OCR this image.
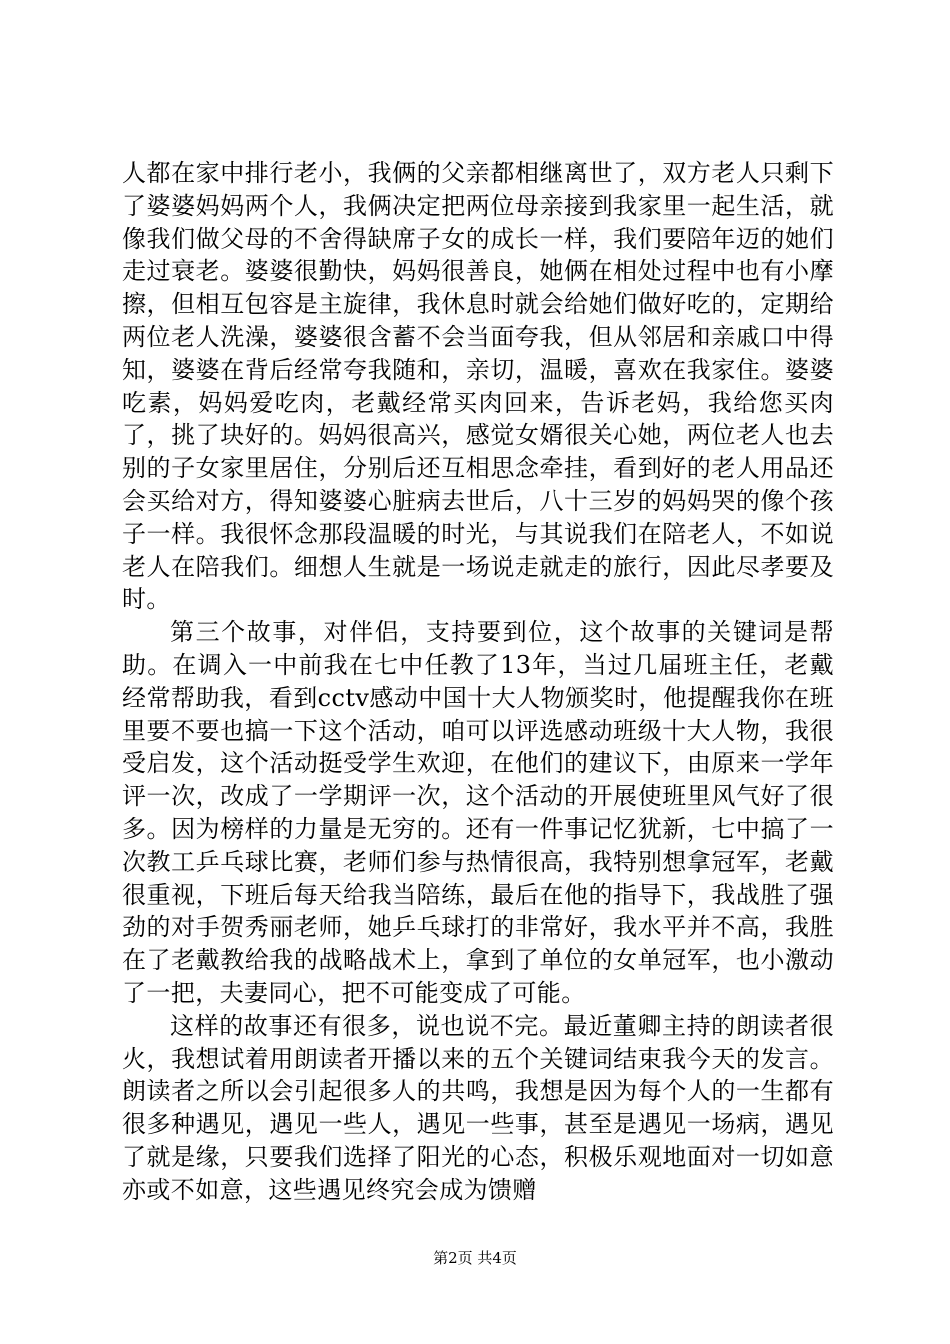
人都在家中排行老小，我俩的父亲都相继离世了，双方老人只剩下了婆婆妈妈两个人，我俩决定把两位母亲接到我家里一起生活，就像我们做父母的不舍得缺席子女的成长一样，我们要陪年迈的她们走过衰老。婆婆很勤快，妈妈很善良，她俩在相处过程中也有小摩擦，但相互包容是主旋律，我休息时就会给她们做好吃的，定期给两位老人洗澡，婆婆很含蓄不会当面夸我，但从邻居和亲戚口中得知，婆婆在背后经常夸我随和，亲切，温暖，喜欢在我家住。婆婆吃素，妈妈爱吃肉，老戴经常买肉回来，告诉老妈，我给您买肉了，挑了块好的。妈妈很高兴，感觉女婿很关心她，两位老人也去别的子女家里居住，分别后还互相思念牵挂，看到好的老人用品还会买给对方，得知婆婆心脏病去世后，八十三岁的妈妈哭的像个孩子一样。我很怀念那段温暖的时光，与其说我们在陪老人，不如说老人在陪我们。细想人生就是一场说走就走的旅行，因此尽孝要及时。

第三个故事，对伴侣，支持要到位，这个故事的关键词是帮助。在调入一中前我在七中任教了13年，当过几届班主任，老戴经常帮助我，看到cctv感动中国十大人物颁奖时，他提醒我你在班里要不要也搞一下这个活动，咱可以评选感动班级十大人物，我很受启发，这个活动挺受学生欢迎，在他们的建议下，由原来一学年评一次，改成了一学期评一次，这个活动的开展使班里风气好了很多。因为榜样的力量是无穷的。还有一件事记忆犹新，七中搞了一次教工乒乓球比赛，老师们参与热情很高，我特别想拿冠军，老戴很重视，下班后每天给我当陪练，最后在他的指导下，我战胜了强劲的对手贺秀丽老师，她乒乓球打的非常好，我水平并不高，我胜在了老戴教给我的战略战术上，拿到了单位的女单冠军，也小激动了一把，夫妻同心，把不可能变成了可能。

这样的故事还有很多，说也说不完。最近董卿主持的朗读者很火，我想试着用朗读者开播以来的五个关键词结束我今天的发言。朗读者之所以会引起很多人的共鸣，我想是因为每个人的一生都有很多种遇见，遇见一些人，遇见一些事，甚至是遇见一场病，遇见了就是缘，只要我们选择了阳光的心态，积极乐观地面对一切如意亦或不如意，这些遇见终究会成为馈赠

第2页 共4页
